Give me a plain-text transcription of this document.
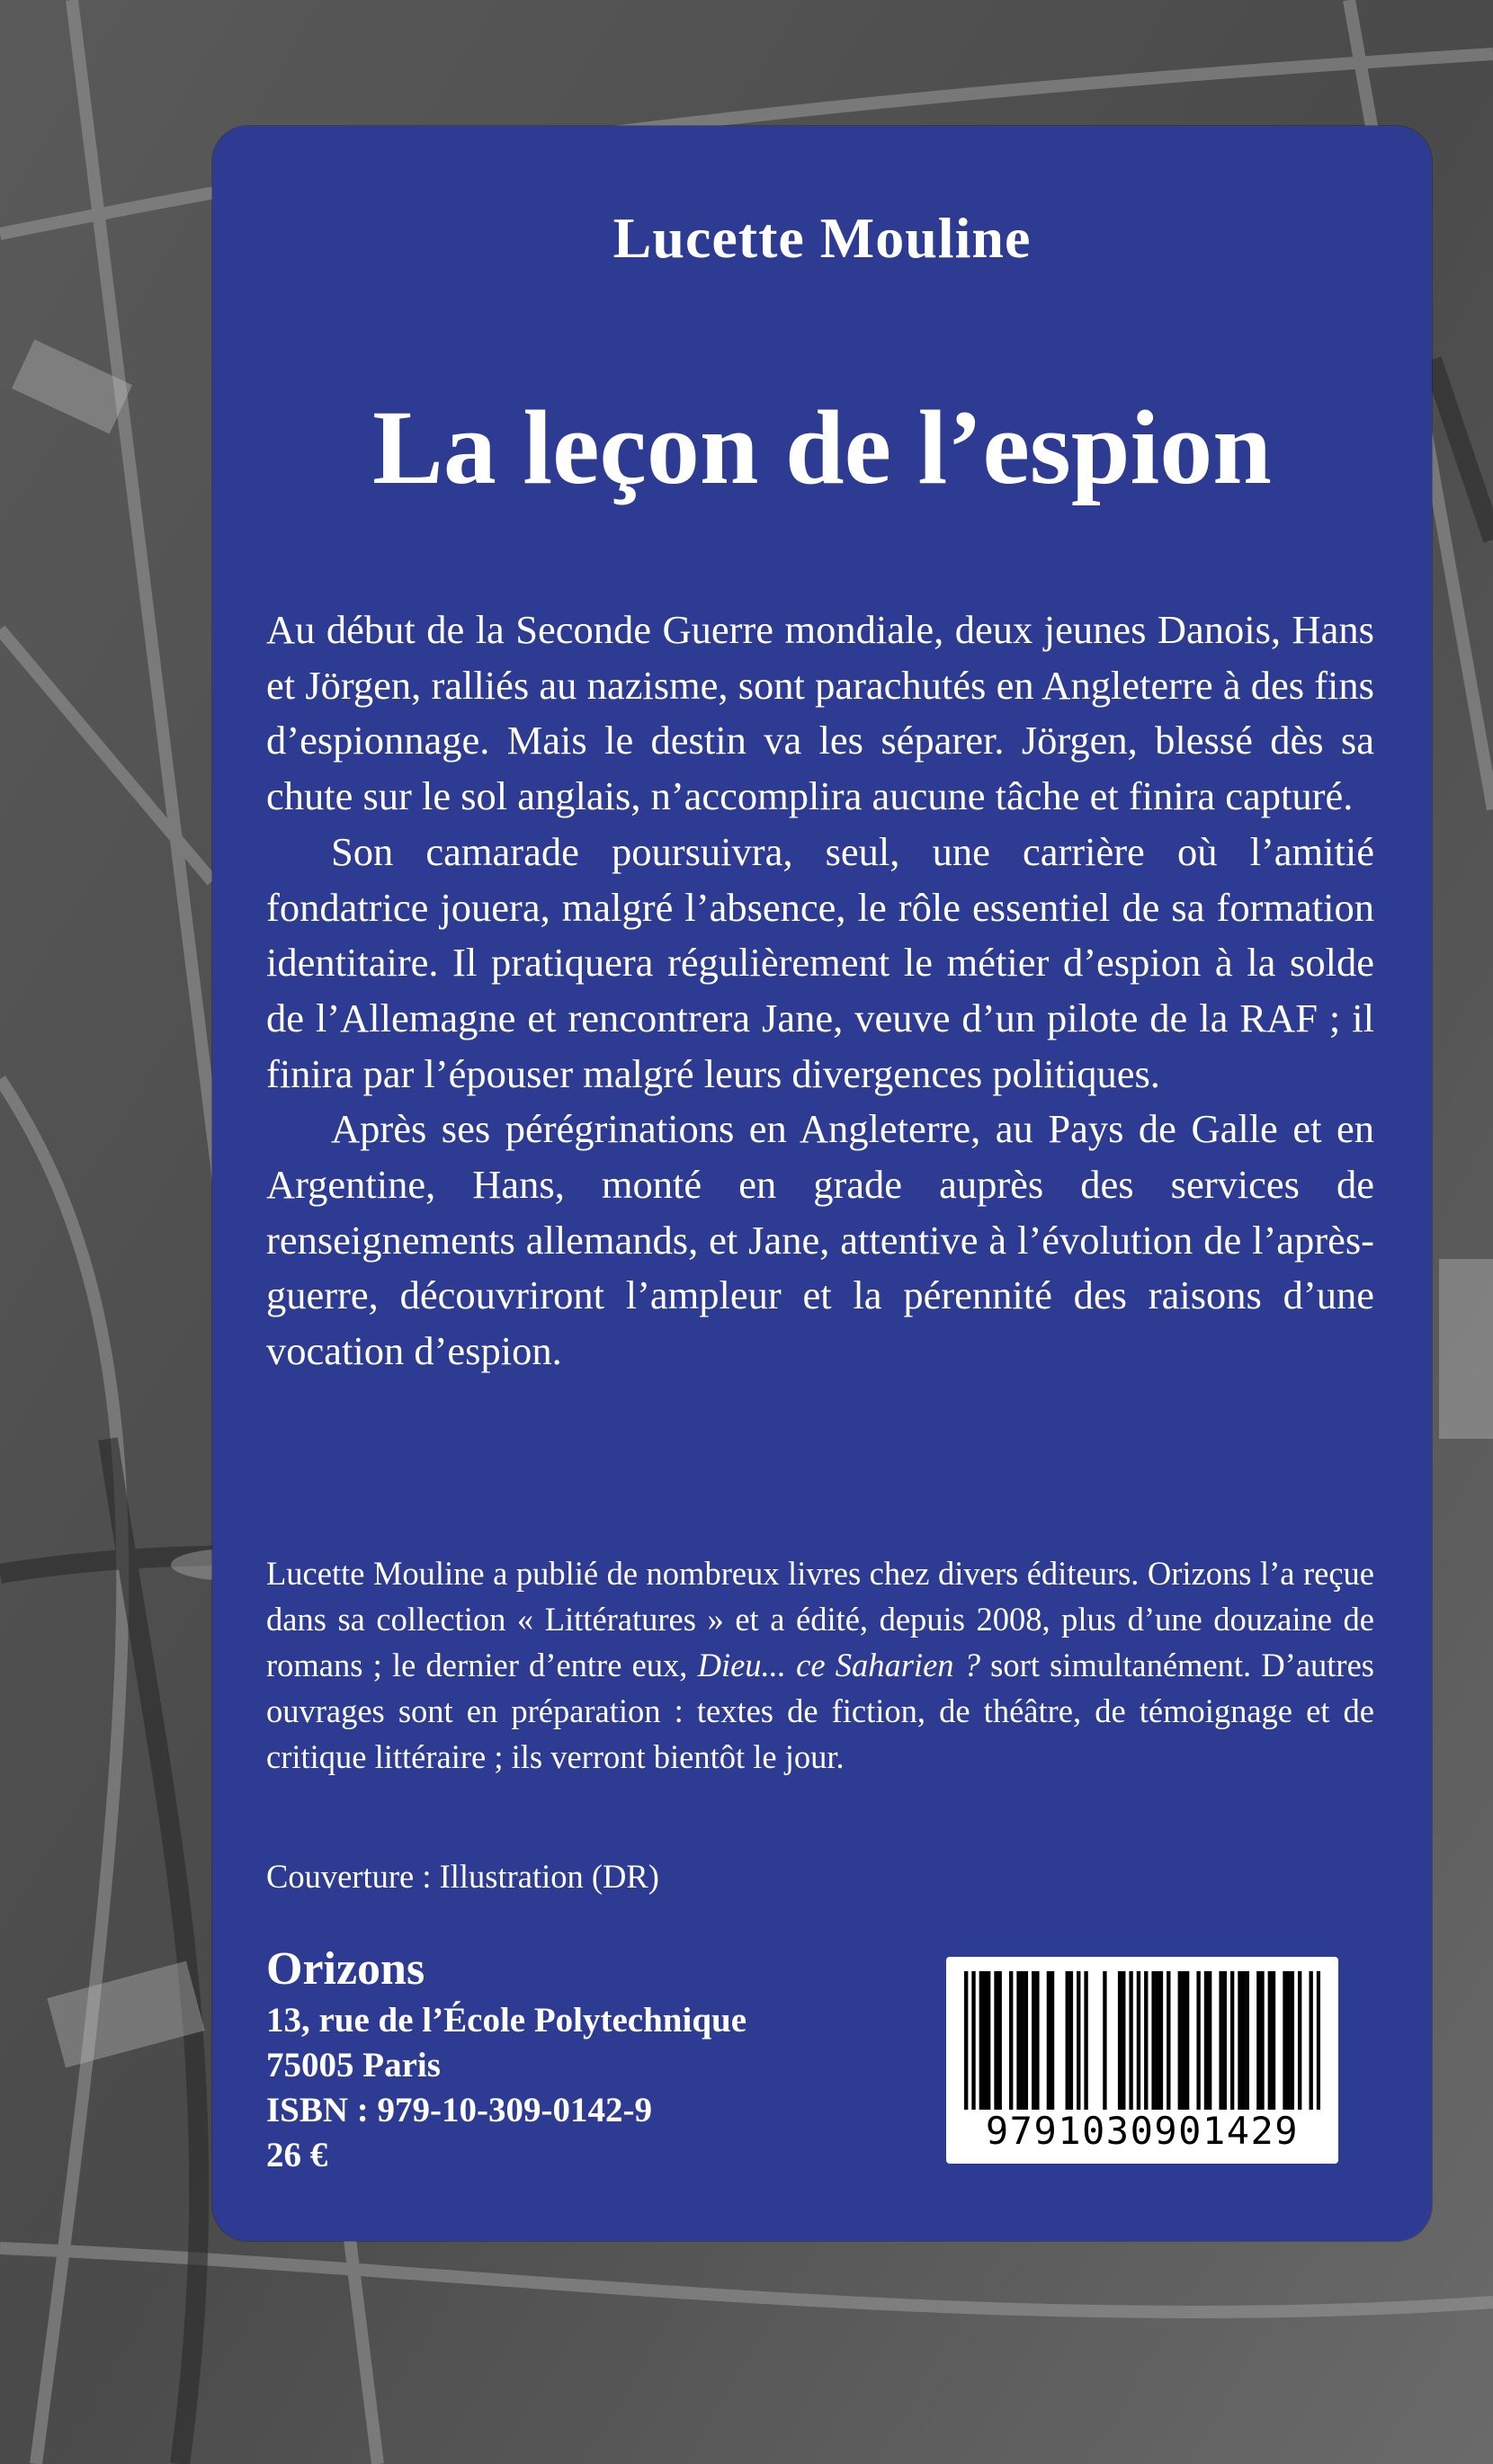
Lucette Mouline
La leçon de l’espion

Au début de la Seconde Guerre mondiale, deux jeunes Danois, Hans et Jörgen, ralliés au nazisme, sont parachutés en Angleterre à des fins d’espionnage. Mais le destin va les séparer. Jörgen, blessé dès sa chute sur le sol anglais, n’accomplira aucune tâche et finira capturé.

Son camarade poursuivra, seul, une carrière où l’amitié fondatrice jouera, malgré l’absence, le rôle essentiel de sa formation identitaire. Il pratiquera régulièrement le métier d’espion à la solde de l’Allemagne et rencontrera Jane, veuve d’un pilote de la RAF ; il finira par l’épouser malgré leurs divergences politiques.

Après ses pérégrinations en Angleterre, au Pays de Galle et en Argentine, Hans, monté en grade auprès des services de renseignements allemands, et Jane, attentive à l’évolution de l’après-guerre, découvriront l’ampleur et la pérennité des raisons d’une vocation d’espion.

Lucette Mouline a publié de nombreux livres chez divers éditeurs. Orizons l’a reçue dans sa collection « Littératures » et a édité, depuis 2008, plus d’une douzaine de romans ; le dernier d’entre eux, Dieu... ce Saharien ? sort simultanément. D’autres ouvrages sont en préparation : textes de fiction, de théâtre, de témoignage et de critique littéraire ; ils verront bientôt le jour.

Couverture : Illustration (DR)
Orizons
13, rue de l’École Polytechnique
75005 Paris
ISBN : 979-10-309-0142-9
26 €
9791030901429
